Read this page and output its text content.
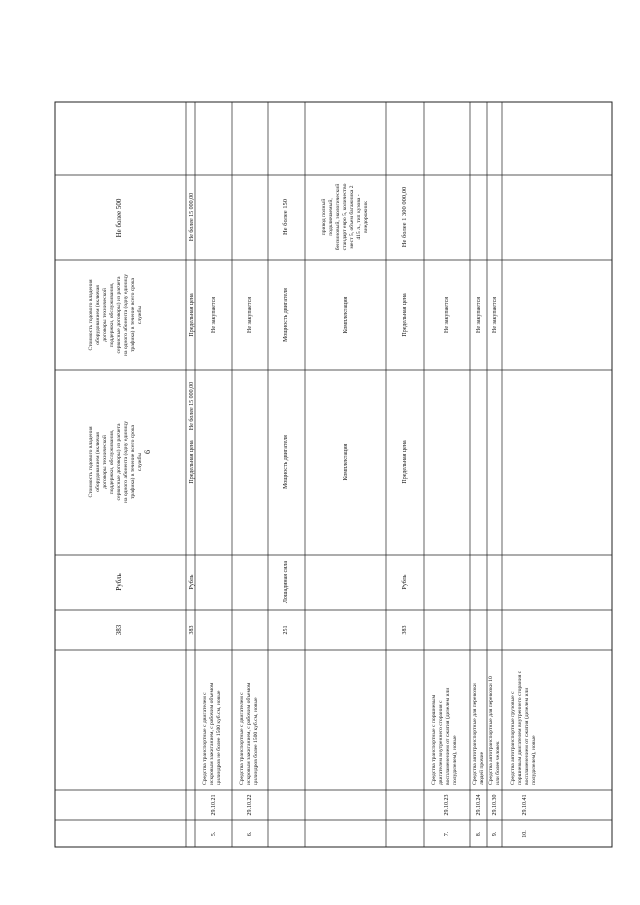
6
383
Рубль
Стоимость годового владения оборудованием (включая договоры технической поддержки, обслуживания, сервисные договоры) из расчета на одного абонента (одну единицу трафика) в течение всего срока службы
Стоимость годового владения оборудованием (включая договоры технической поддержки, обслуживания, сервисные договоры) из расчета на одного абонента (одну единицу трафика) в течение всего срока службы
Не более 500
383
Рубль
Предельная цена
Не более 15 000,00
Предельная цена
Не более 15 000,00
5.
29.10.21
Средства транспортные с двигателем с искровым зажиганием, с рабочим объемом цилиндров не более 1500 куб.см, новые
Не закупается
6.
29.10.22
Средства транспортные с двигателем с искровым зажиганием, с рабочим объемом цилиндров более 1500 куб.см, новые
Не закупается
251
Лошадиная сила
Мощность двигателя
Мощность двигателя
Не более 150
Комплектация
Комплектация
привод полный подключаемый, бензиновый, экологический стандарт евро 5, количество мест 5, объем багажника 2 415 л., тип кузова - внедорожник
383
Рубль
Предельная цена
Предельная цена
Не более 1 300 000,00
7.
29.10.23
Средства транспортные с поршневым двигателем внутреннего сгорания с воспламенением от сжатия (дизелем или полудизелем), новые
Не закупается
8.
29.10.24
Средства автотранспортные для перевозки людей прочие
Не закупается
9.
29.10.30
Средства автотранспортные для перевозки 10 или более человек
Не закупается
10.
29.10.41
Средства автотранспортные грузовые с поршневым двигателем внутреннего сгорания с воспламенением от сжатия (дизелем или полудизелем), новые
